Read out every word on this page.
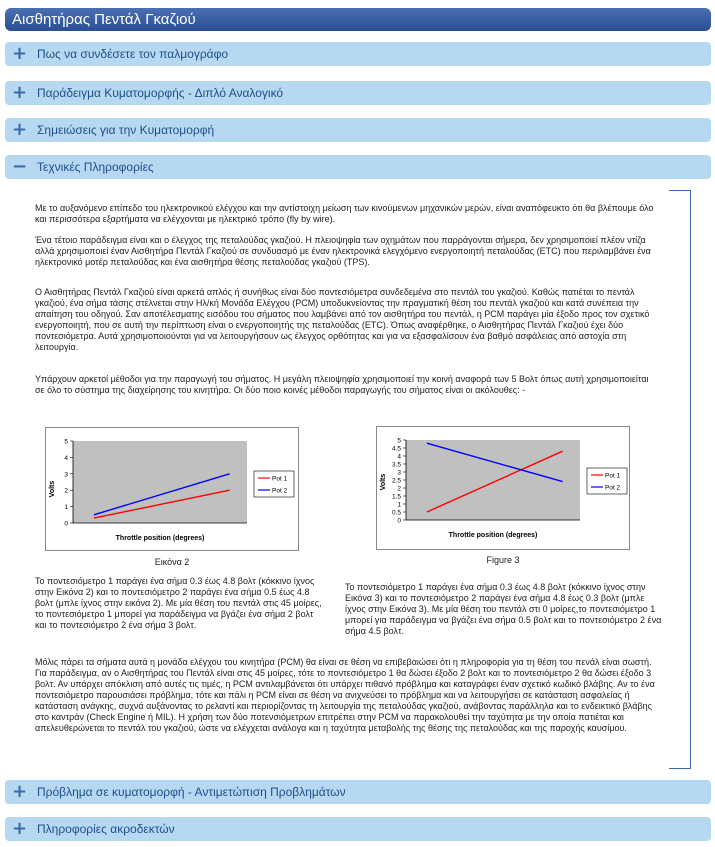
Αισθητήρας Πεντάλ Γκαζιού
+ Πως να συνδέσετε τον παλμογράφο
+ Παράδειγμα Κυματομορφής - Διπλό Αναλογικό
+ Σημειώσεις για την Κυματομορφή
− Τεχνικές Πληροφορίες

Με το αυξανόμενο επίπεδο του ηλεκτρονικού ελέγχου και την αντίστοιχη μείωση των κινούμενων μηχανικών μερών, είναι αναπόφευκτο ότι θα βλέπουμε όλο και περισσότερα εξαρτήματα να ελέγχονται με ηλεκτρικό τρόπο (fly by wire).

Ένα τέτοιο παράδειγμα είναι και ο έλεγχος της πεταλούδας γκαζιού. Η πλειοψηφία των οχημάτων που παρράγονται σήμερα, δεν χρησιμοποιεί πλέον ντίζα αλλά χρησιμοποιεί έναν Αισθητήρα Πεντάλ Γκαζιού σε συνδυασμό με έναν ηλεκτρονικά ελεγχόμενο ενεργοποιητή πεταλούδας (ETC) που περιλαμβάνει ένα ηλεκτρονικό μοτέρ πεταλούδας και ένα αισθητήρα θέσης πεταλούδας γκαζιού (TPS).

Ο Αισθητήρας Πεντάλ Γκαζιού είναι αρκετά απλός ή συνήθως είναι δύο ποντεσιόμετρα συνδεδεμένα στο πεντάλ του γκαζιού. Καθώς πατιέται το πεντάλ γκαζιού, ένα σήμα τάσης στέλνεται στην Ηλ/κή Μονάδα Ελέγχου (PCM) υποδυκνείοντας την πραγματική θέση του πεντάλ γκαζιού και κατά συνέπεια την απαίτηση του οδηγού. Σαν αποτέλεσματης εισόδου του σήματος που λαμβάνει από τον αισθητήρα του πεντάλ, η PCM παράγει μία έξοδο προς τον σχετικό ενεργοποιητή, που σε αυτή την περίπτωση είναι ο ενεργοποιητής της πεταλούδας (ETC). Όπως αναφέρθηκε, ο Αισθητήρας Πεντάλ Γκαζιού έχει δύο ποντεσιόμετρα. Αυτά χρησιμοποιούνται για να λειτουργήσουν ως έλεγχος ορθότητας και για να εξασφαλίσουν ένα βαθμό ασφάλειας από αστοχία στη λειτουργία.

Υπάρχουν αρκετοί μέθοδοι για την παραγωγή του σήματος. Η μεγάλη πλειοψηφία χρησιμοποιεί την κοινή αναφορά των 5 Βολτ όπως αυτή χρησιμοποιείται σε όλο το σύστημα της διαχείρησης του κινητήρα. Οι δύο ποιο κοινές μέθοδοι παραγωγής του σήματος είναι οι ακόλουθες: -

0
1
2
3
4
5
Volts
Throttle position (degrees)
Pot 1
Pot 2
Εικόνα 2

Το ποντεσιόμετρο 1 παράγει ένα σήμα 0.3 έως 4.8 βολτ (κόκκινο ίχνος στην Εικόνα 2) και το ποντεσιόμετρο 2 παράγει ένα σήμα 0.5 έως 4.8 βολτ (μπλε ίχνος στην εικόνα 2). Με μία θέση του πεντάλ στις 45 μοίρες, το ποντεσιόμετρο 1 μπορεί για παράδειγμα να βγάζει ένα σήμα 2 βολτ και το ποντεσιόμετρο 2 ένα σήμα 3 βολτ.

0
0.5
1
1.5
2
2.5
3
3.5
4
4.5
5
Volts
Throttle position (degrees)
Pot 1
Pot 2
Figure 3

Το ποντεσιόμετρο 1 παράγει ένα σήμα 0.3 έως 4.8 βολτ (κόκκινο ίχνος στην Εικόνα 3) και το ποντεσιόμετρο 2 παράγει ένα σήμα 4.8 έως 0.3 βολτ (μπλε ίχνος στην Εικόνα 3). Με μία θέση του πεντάλ στι 0 μοίρες,το ποντεσιόμετρο 1 μπορεί για παράδειγμα να βγάζει ένα σήμα 0.5 βολτ και το ποντεσιόμετρο 2 ένα σήμα 4.5 βολτ.

Μόλις πάρει τα σήματα αυτά η μονάδα ελέγχου του κινητήρα (PCM) θα είναι σε θέση να επιβεβαιώσει ότι η πληροφορία για τη θέση του πενάλ είναι σωστή. Για παράδειγμα, αν ο Αισθητήρας του Πεντάλ είναι στις 45 μοίρες, τότε το ποντεσιόμετρο 1 θα δώσει έξοδο 2 βολτ και το ποντεσιόμετρο 2 θα δώσει έξοδο 3 βολτ. Αν υπάρχει απόκλιση από αυτές τις τιμές, η PCM αντιλαμβάνεται ότι υπάρχει πιθανό πρόβλημα και καταγράφει έναν σχετικό κωδικό βλάβης. Αν το ένα ποντεσιόμετρο παρουσιάσει πρόβλημα, τότε και πάλι η PCM είναι σε θέση να ανιχνεύσει το πρόβλημα και να λειτουργήσει σε κατάσταση ασφαλείας ή κατάσταση ανάγκης, συχνά αυξάνοντας το ρελαντί και περιορίζοντας τη λειτουργία της πεταλούδας γκαζιού, ανάβοντας παράλληλα και το ενδεικτικό βλάβης στο καντράν (Check Engine ή MIL). Η χρήση των δύο ποτενσιόμετρων επιτρέπει στην PCM να παρακολουθεί την ταχύτητα με την οποία πατιέται και απελευθερώνεται το πεντάλ του γκαζιού, ώστε να ελέγχεται ανάλογα και η ταχύτητα μεταβολής της θέσης της πεταλούδας και της παροχής καυσίμου.

+ Πρόβλημα σε κυματομορφή - Αντιμετώπιση Προβλημάτων
+ Πληροφορίες ακροδεκτών
